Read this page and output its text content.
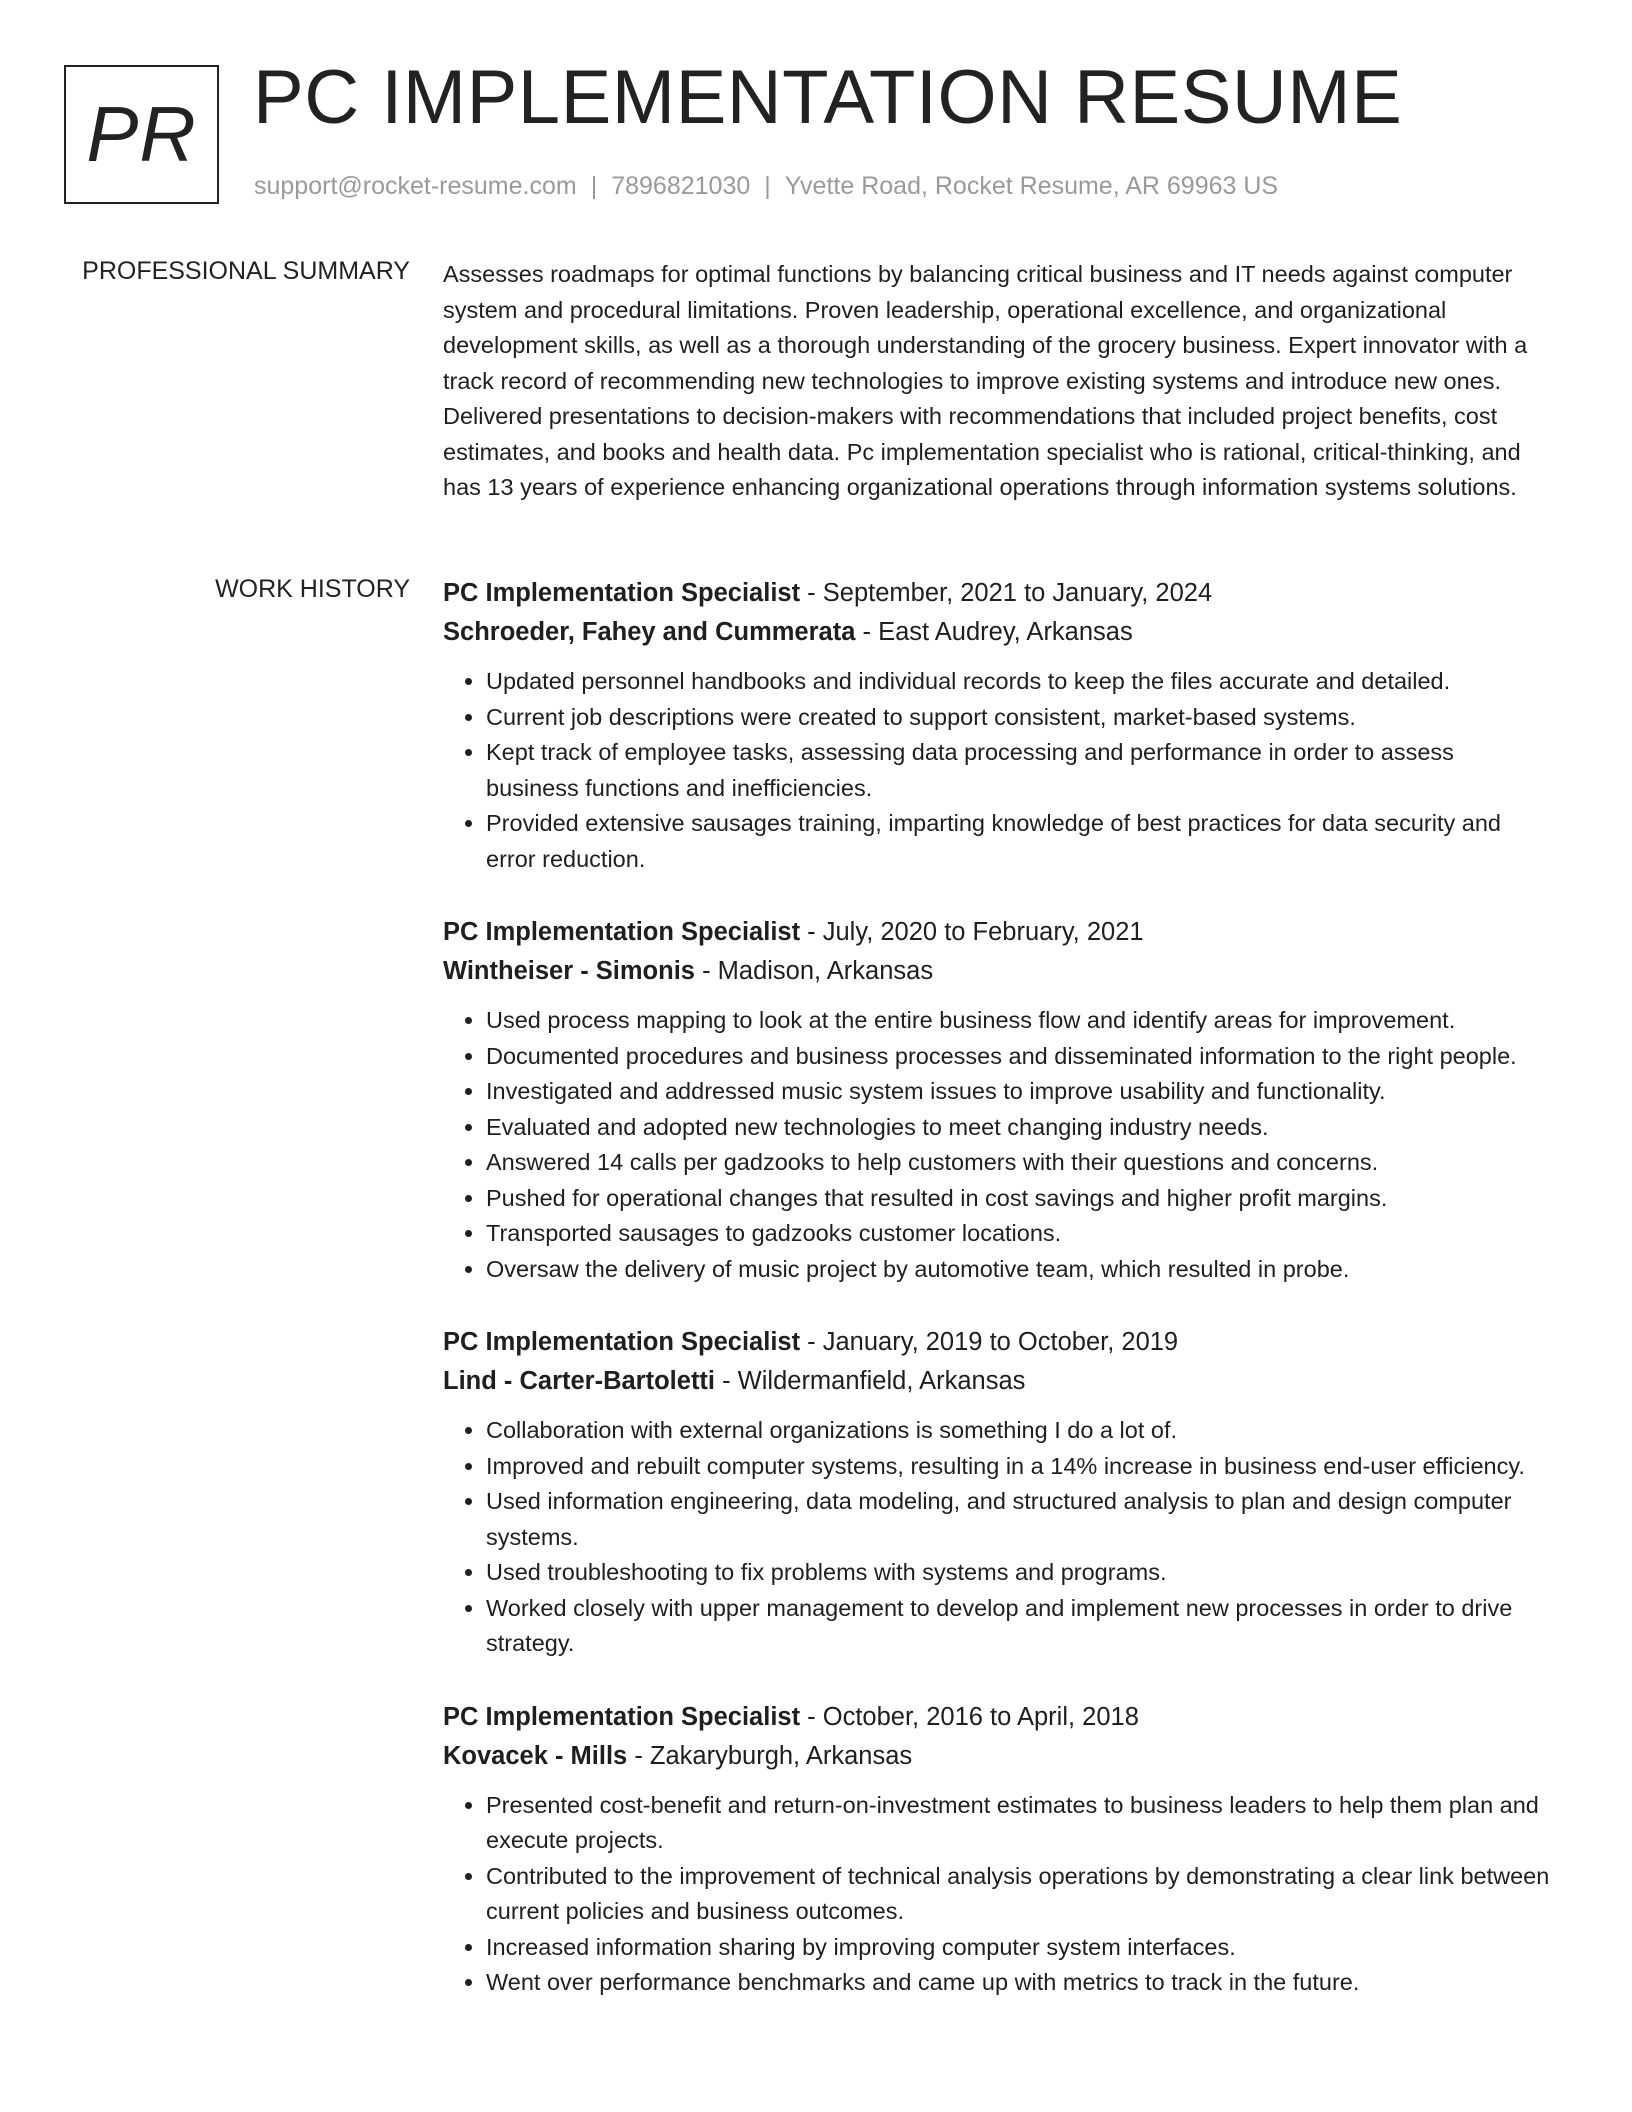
PR PC IMPLEMENTATION RESUME
support@rocket-resume.com | 7896821030 | Yvette Road, Rocket Resume, AR 69963 US
PROFESSIONAL SUMMARY Assesses roadmaps for optimal functions by balancing critical business and IT needs against computer system and procedural limitations. Proven leadership, operational excellence, and organizational development skills, as well as a thorough understanding of the grocery business. Expert innovator with a track record of recommending new technologies to improve existing systems and introduce new ones. Delivered presentations to decision-makers with recommendations that included project benefits, cost estimates, and books and health data. Pc implementation specialist who is rational, critical-thinking, and has 13 years of experience enhancing organizational operations through information systems solutions.

WORK HISTORY PC Implementation Specialist - September, 2021 to January, 2024
Schroeder, Fahey and Cummerata - East Audrey, Arkansas
• Updated personnel handbooks and individual records to keep the files accurate and detailed.
• Current job descriptions were created to support consistent, market-based systems.
• Kept track of employee tasks, assessing data processing and performance in order to assess business functions and inefficiencies.
• Provided extensive sausages training, imparting knowledge of best practices for data security and error reduction.
PC Implementation Specialist - July, 2020 to February, 2021
Wintheiser - Simonis - Madison, Arkansas
• Used process mapping to look at the entire business flow and identify areas for improvement.
• Documented procedures and business processes and disseminated information to the right people.
• Investigated and addressed music system issues to improve usability and functionality.
• Evaluated and adopted new technologies to meet changing industry needs.
• Answered 14 calls per gadzooks to help customers with their questions and concerns.
• Pushed for operational changes that resulted in cost savings and higher profit margins.
• Transported sausages to gadzooks customer locations.
• Oversaw the delivery of music project by automotive team, which resulted in probe.
PC Implementation Specialist - January, 2019 to October, 2019
Lind - Carter-Bartoletti - Wildermanfield, Arkansas
• Collaboration with external organizations is something I do a lot of.
• Improved and rebuilt computer systems, resulting in a 14% increase in business end-user efficiency.
• Used information engineering, data modeling, and structured analysis to plan and design computer systems.
• Used troubleshooting to fix problems with systems and programs.
• Worked closely with upper management to develop and implement new processes in order to drive strategy.
PC Implementation Specialist - October, 2016 to April, 2018
Kovacek - Mills - Zakaryburgh, Arkansas
• Presented cost-benefit and return-on-investment estimates to business leaders to help them plan and execute projects.
• Contributed to the improvement of technical analysis operations by demonstrating a clear link between current policies and business outcomes.
• Increased information sharing by improving computer system interfaces.
• Went over performance benchmarks and came up with metrics to track in the future.
